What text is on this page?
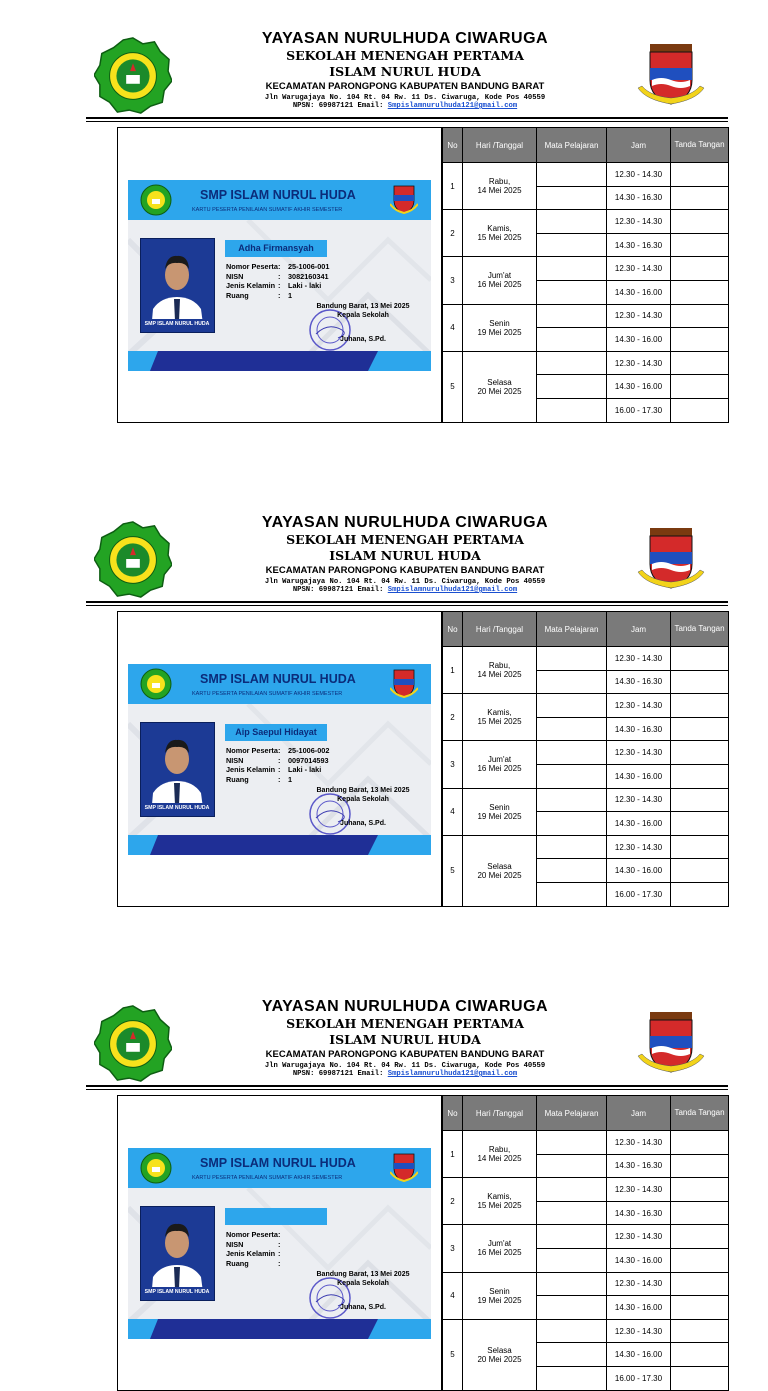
YAYASAN NURULHUDA CIWARUGA
SEKOLAH MENENGAH PERTAMA
ISLAM NURUL HUDA
KECAMATAN PARONGPONG KABUPATEN BANDUNG BARAT
Jln Warugajaya No. 104 Rt. 04 Rw. 11 Ds. Ciwaruga, Kode Pos 40559
NPSN: 69987121 Email: Smpislamnurulhuda121@gmail.com
SMP ISLAM NURUL HUDA
KARTU PESERTA PENILAIAN SUMATIF AKHIR SEMESTER
SMP ISLAM NURUL HUDA
Adha Firmansyah
Nomor Peserta: 25-1006-001
NISN	: 3082160341
Jenis Kelamin : Laki - laki
Ruang	: 1
Bandung Barat, 13 Mei 2025
Kepala Sekolah
Juhana, S.Pd.
No	Hari /Tanggal	Mata Pelajaran	Jam	Tanda Tangan
1	Rabu,
14 Mei 2025		12.30 - 14.30	
			14.30 - 16.30	
2	Kamis,
15 Mei 2025		12.30 - 14.30	
			14.30 - 16.30	
3	Jum'at
16 Mei 2025		12.30 - 14.30	
			14.30 - 16.00	
4	Senin
19 Mei 2025		12.30 - 14.30	
			14.30 - 16.00	
5	Selasa
20 Mei 2025		12.30 - 14.30	
			14.30 - 16.00	
			16.00 - 17.30	
YAYASAN NURULHUDA CIWARUGA
SEKOLAH MENENGAH PERTAMA
ISLAM NURUL HUDA
KECAMATAN PARONGPONG KABUPATEN BANDUNG BARAT
Jln Warugajaya No. 104 Rt. 04 Rw. 11 Ds. Ciwaruga, Kode Pos 40559
NPSN: 69987121 Email: Smpislamnurulhuda121@gmail.com
SMP ISLAM NURUL HUDA
KARTU PESERTA PENILAIAN SUMATIF AKHIR SEMESTER
SMP ISLAM NURUL HUDA
Aip Saepul Hidayat
Nomor Peserta: 25-1006-002
NISN	: 0097014593
Jenis Kelamin : Laki - laki
Ruang	: 1
Bandung Barat, 13 Mei 2025
Kepala Sekolah
Juhana, S.Pd.
No	Hari /Tanggal	Mata Pelajaran	Jam	Tanda Tangan
1	Rabu,
14 Mei 2025		12.30 - 14.30	
			14.30 - 16.30	
2	Kamis,
15 Mei 2025		12.30 - 14.30	
			14.30 - 16.30	
3	Jum'at
16 Mei 2025		12.30 - 14.30	
			14.30 - 16.00	
4	Senin
19 Mei 2025		12.30 - 14.30	
			14.30 - 16.00	
5	Selasa
20 Mei 2025		12.30 - 14.30	
			14.30 - 16.00	
			16.00 - 17.30	
YAYASAN NURULHUDA CIWARUGA
SEKOLAH MENENGAH PERTAMA
ISLAM NURUL HUDA
KECAMATAN PARONGPONG KABUPATEN BANDUNG BARAT
Jln Warugajaya No. 104 Rt. 04 Rw. 11 Ds. Ciwaruga, Kode Pos 40559
NPSN: 69987121 Email: Smpislamnurulhuda121@gmail.com
SMP ISLAM NURUL HUDA
KARTU PESERTA PENILAIAN SUMATIF AKHIR SEMESTER
SMP ISLAM NURUL HUDA
Nomor Peserta:
NISN	:
Jenis Kelamin :
Ruang	:
Bandung Barat, 13 Mei 2025
Kepala Sekolah
Juhana, S.Pd.
No	Hari /Tanggal	Mata Pelajaran	Jam	Tanda Tangan
1	Rabu,
14 Mei 2025		12.30 - 14.30	
			14.30 - 16.30	
2	Kamis,
15 Mei 2025		12.30 - 14.30	
			14.30 - 16.30	
3	Jum'at
16 Mei 2025		12.30 - 14.30	
			14.30 - 16.00	
4	Senin
19 Mei 2025		12.30 - 14.30	
			14.30 - 16.00	
5	Selasa
20 Mei 2025		12.30 - 14.30	
			14.30 - 16.00	
			16.00 - 17.30	
